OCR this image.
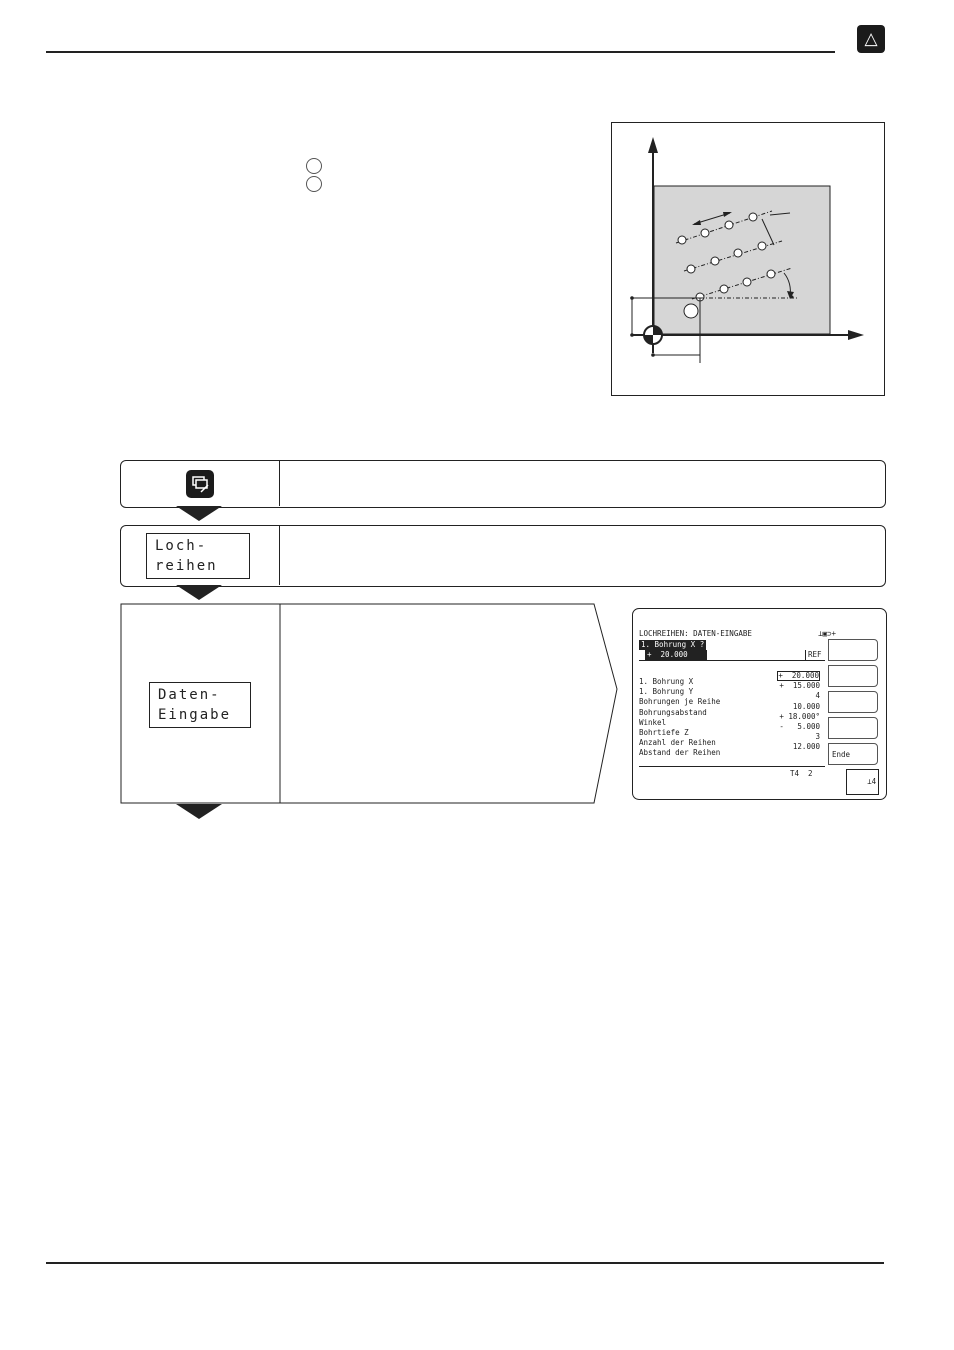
△
Loch-
reihen
Daten-
Eingabe
LOCHREIHEN: DATEN-EINGABE	⊥▣⊃+
1. Bohrung X ?
+  20.000	REF
1. Bohrung X
+  20.000
1. Bohrung Y
+  15.000
Bohrungen je Reihe
4
Bohrungsabstand
10.000
Winkel
+ 18.000°
Bohrtiefe Z
-   5.000
Anzahl der Reihen
3
Abstand der Reihen
12.000
T4  2

⊥4

Ende
